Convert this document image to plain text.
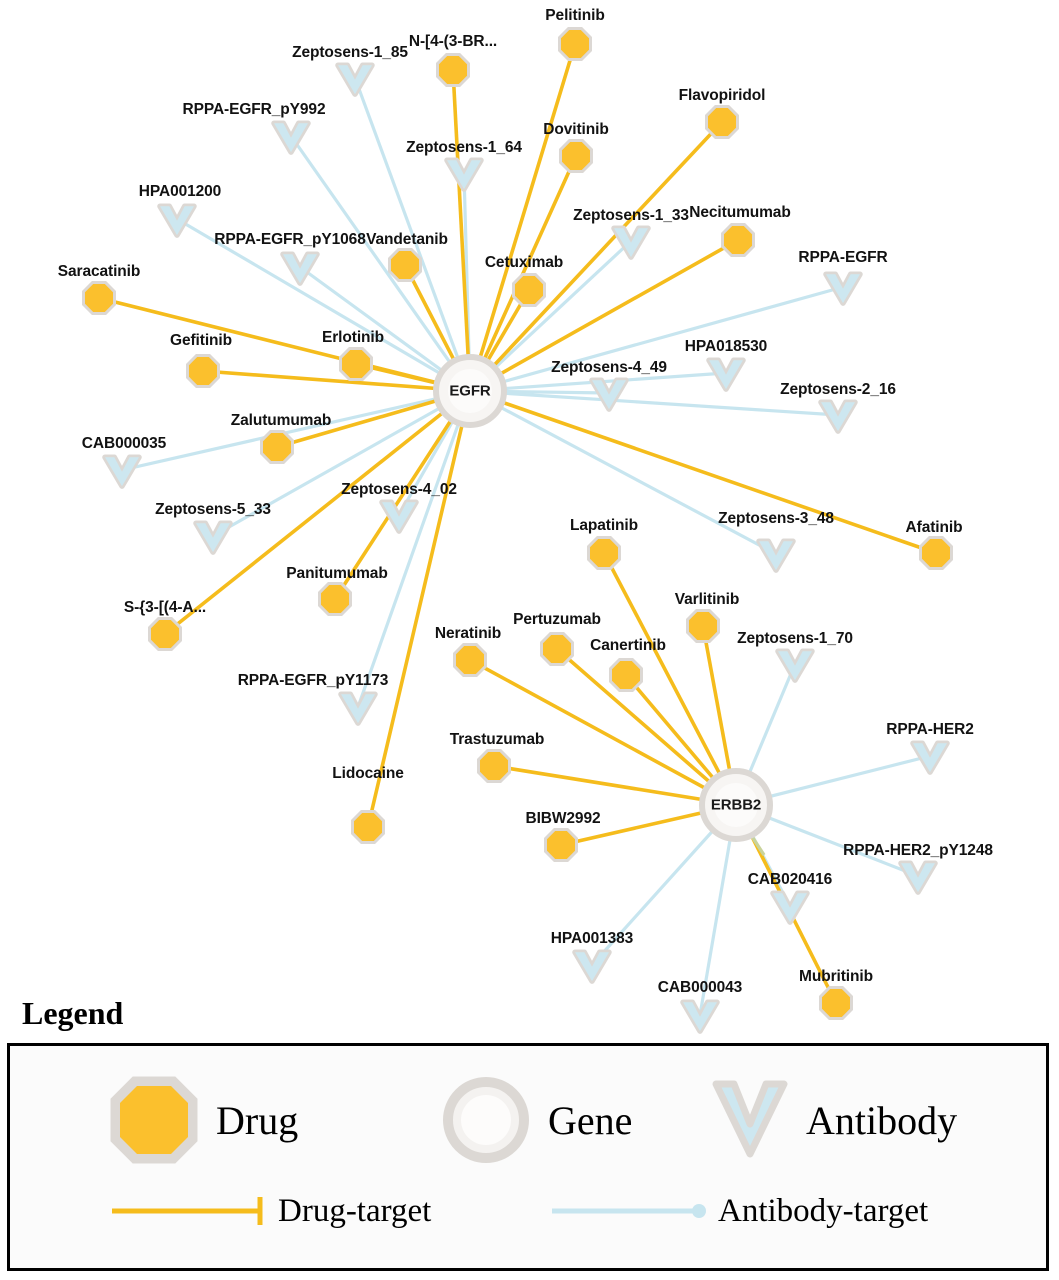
Zeptosens-1_85
RPPA-EGFR_pY992
Zeptosens-1_64
HPA001200
Zeptosens-1_33
RPPA-EGFR_pY1068
RPPA-EGFR
HPA018530
Zeptosens-4_49
Zeptosens-2_16
CAB000035
Zeptosens-4_02
Zeptosens-5_33
Zeptosens-3_48
Zeptosens-1_70
RPPA-EGFR_pY1173
RPPA-HER2
RPPA-HER2_pY1248
CAB020416
HPA001383
CAB000043
Pelitinib
N-[4-(3-BR...
Flavopiridol
Dovitinib
Necitumumab
Vandetanib
Cetuximab
Saracatinib
Erlotinib
Gefitinib
Zalutumumab
Afatinib
Lapatinib
Panitumumab
S-{3-[(4-A...	Varlitinib
Pertuzumab
Neratinib
Canertinib
Trastuzumab
Lidocaine
BIBW2992
Mubritinib
EGFR
ERBB2
Legend
Drug	Gene	Antibody
Drug-target	Antibody-target
